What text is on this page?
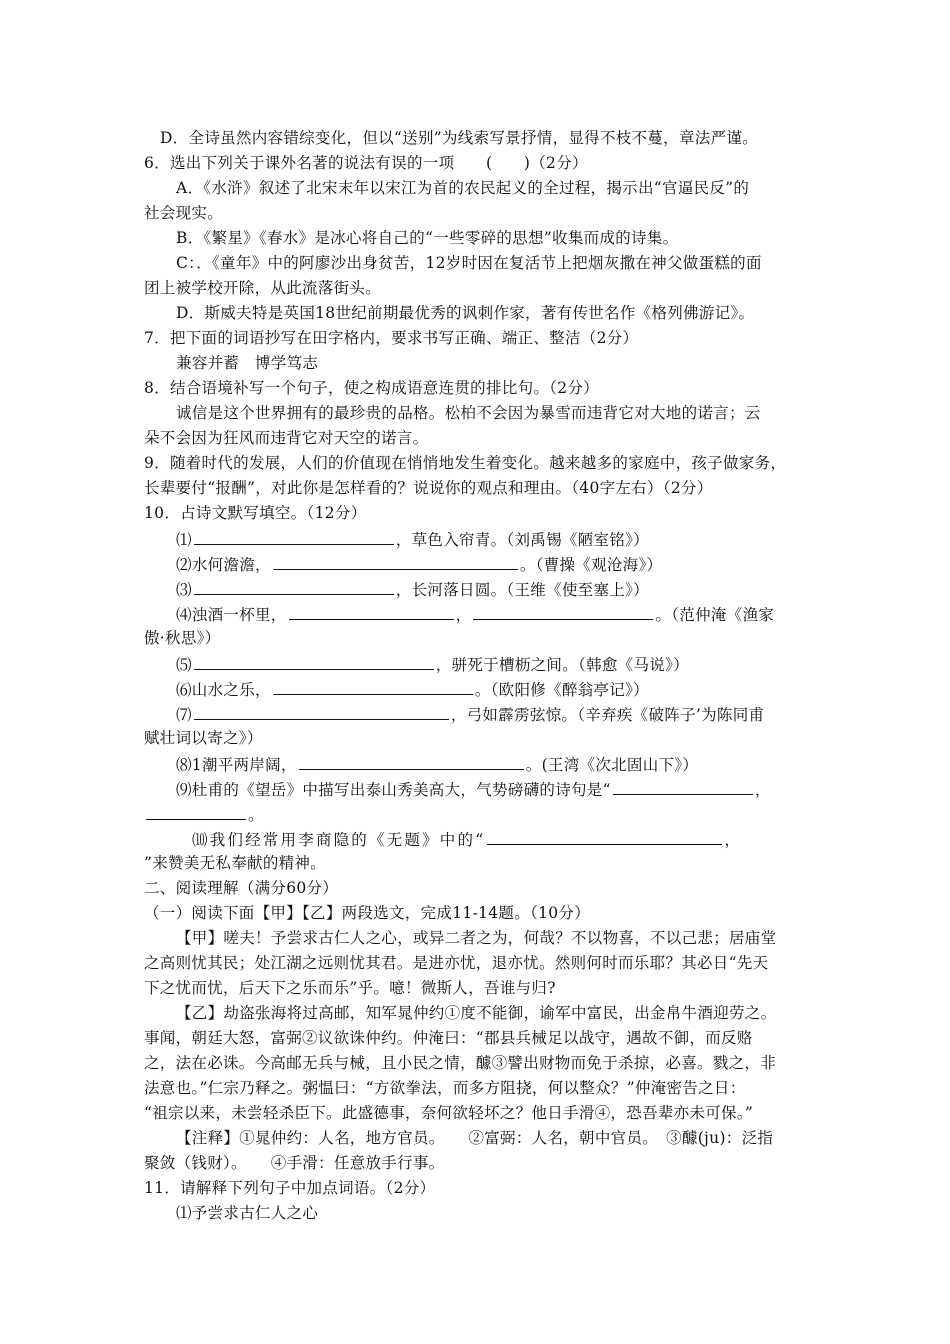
D．全诗虽然内容错综变化，但以“送别”为线索写景抒情，显得不枝不蔓，章法严谨。
6．选出下列关于课外名著的说法有误的一项　　(　　)（2分）
A．《水浒》叙述了北宋末年以宋江为首的农民起义的全过程，揭示出“官逼民反”的
社会现实。
B．《繁星》《春水》是冰心将自己的“一些零碎的思想”收集而成的诗集。
C：．《童年》中的阿廖沙出身贫苦，12岁时因在复活节上把烟灰撒在神父做蛋糕的面
团上被学校开除，从此流落街头。
D．斯威夫特是英国18世纪前期最优秀的讽刺作家，著有传世名作《格列佛游记》。
7．把下面的词语抄写在田字格内，要求书写正确、端正、整洁（2分）
兼容并蓄　博学笃志
8．结合语境补写一个句子，使之构成语意连贯的排比句。（2分）
诚信是这个世界拥有的最珍贵的品格。松柏不会因为暴雪而违背它对大地的诺言；云
朵不会因为狂风而违背它对天空的诺言。
9．随着时代的发展，人们的价值现在悄悄地发生着变化。越来越多的家庭中，孩子做家务，
长辈要付“报酬”，对此你是怎样看的？说说你的观点和理由。（40字左右）（2分）
10．占诗文默写填空。（12分）
⑴	，草色入帘青。（刘禹锡《陋室铭》）
⑵水何澹澹，	。（曹操《观沧海》）
⑶	，长河落日圆。（王维《使至塞上》）
⑷浊酒一杯里，	，	。（范仲淹《渔家
傲·秋思》）
⑸	，骈死于槽枥之间。（韩愈《马说》）
⑹山水之乐，	。（欧阳修《醉翁亭记》）
⑺	，弓如霹雳弦惊。（辛弃疾《破阵子’为陈同甫
赋壮词以寄之》）
⑻1潮平两岸阔，	。(王湾《次北固山下》）
⑼杜甫的《望岳》中描写出泰山秀美高大，气势磅礴的诗句是“	，
。
⑽我们经常用李商隐的《无题》中的“	，
”来赞美无私奉献的精神。
二、阅读理解（满分60分）
（一）阅读下面【甲】【乙】两段选文，完成11-14题。（10分）
【甲】嗟夫！予尝求古仁人之心，或异二者之为，何哉？不以物喜，不以己悲；居庙堂
之高则忧其民；处江湖之远则忧其君。是进亦忧，退亦忧。然则何时而乐耶？其必日“先天
下之忧而忧，后天下之乐而乐”乎。噫！微斯人，吾谁与归?
【乙】劫盗张海将过高邮，知军晁仲约①度不能御，谕军中富民，出金帛牛酒迎劳之。
事闻，朝廷大怒，富弼②议欲诛仲约。仲淹曰：“郡县兵械足以战守，遇故不御，而反赂
之，法在必诛。今高邮无兵与械，且小民之情，醵③譬出财物而免于杀掠，必喜。戮之，非
法意也。”仁宗乃释之。粥愠曰：“方欲拳法，而多方阻挠，何以整众？”仲淹密告之日：
“祖宗以来，未尝轻杀臣下。此盛德事，奈何欲轻坏之？他日手滑④，恐吾辈亦未可保。”
【注释】①晁仲约：人名，地方官员。　　②富弼：人名，朝中官员。　③醵(ju)：泛指
聚敛（钱财）。　　④手滑：任意放手行事。
11．请解释下列句子中加点词语。（2分）
⑴予尝求古仁人之心
